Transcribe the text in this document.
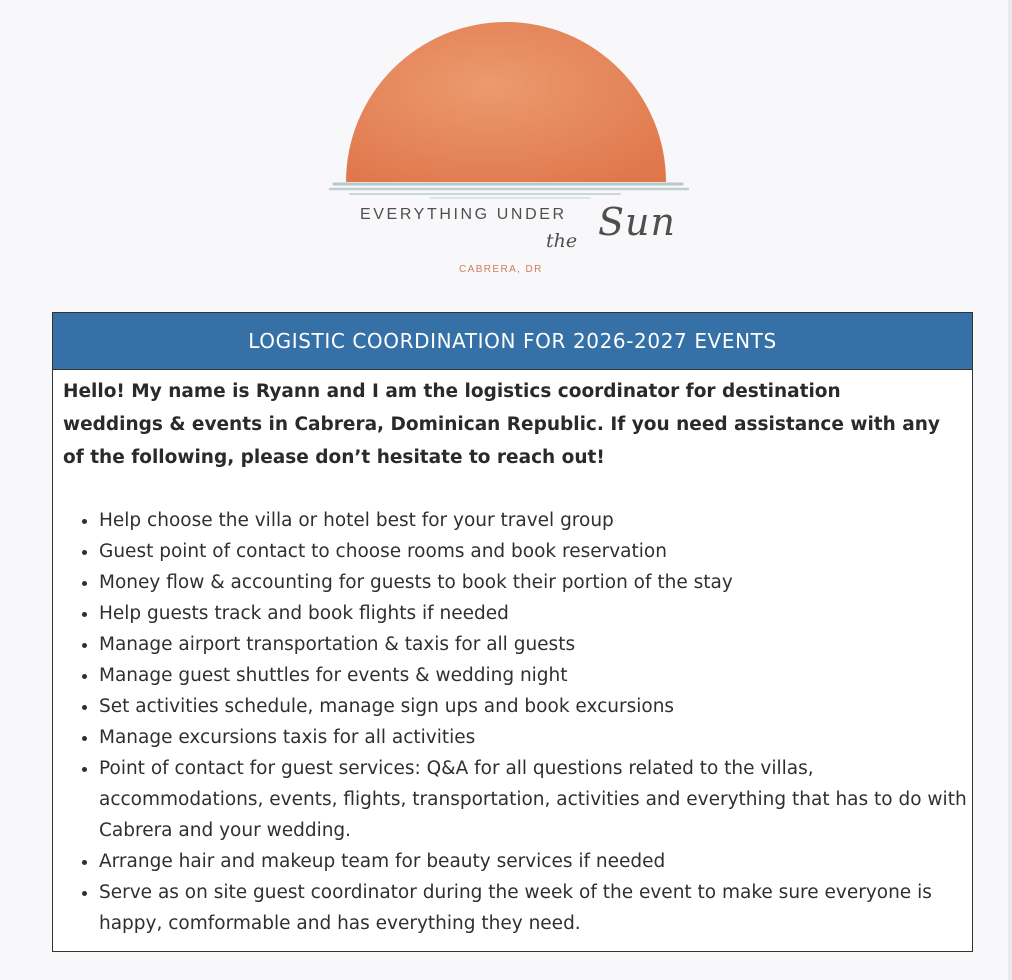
EVERYTHING UNDER
the Sun
CABRERA, DR
LOGISTIC COORDINATION FOR 2026-2027 EVENTS
Hello! My name is Ryann and I am the logistics coordinator for destination weddings & events in Cabrera, Dominican Republic. If you need assistance with any of the following, please don’t hesitate to reach out!
• Help choose the villa or hotel best for your travel group
• Guest point of contact to choose rooms and book reservation
• Money flow & accounting for guests to book their portion of the stay
• Help guests track and book flights if needed
• Manage airport transportation & taxis for all guests
• Manage guest shuttles for events & wedding night
• Set activities schedule, manage sign ups and book excursions
• Manage excursions taxis for all activities
• Point of contact for guest services: Q&A for all questions related to the villas, accommodations, events, flights, transportation, activities and everything that has to do with Cabrera and your wedding.
• Arrange hair and makeup team for beauty services if needed
• Serve as on site guest coordinator during the week of the event to make sure everyone is happy, comformable and has everything they need.
